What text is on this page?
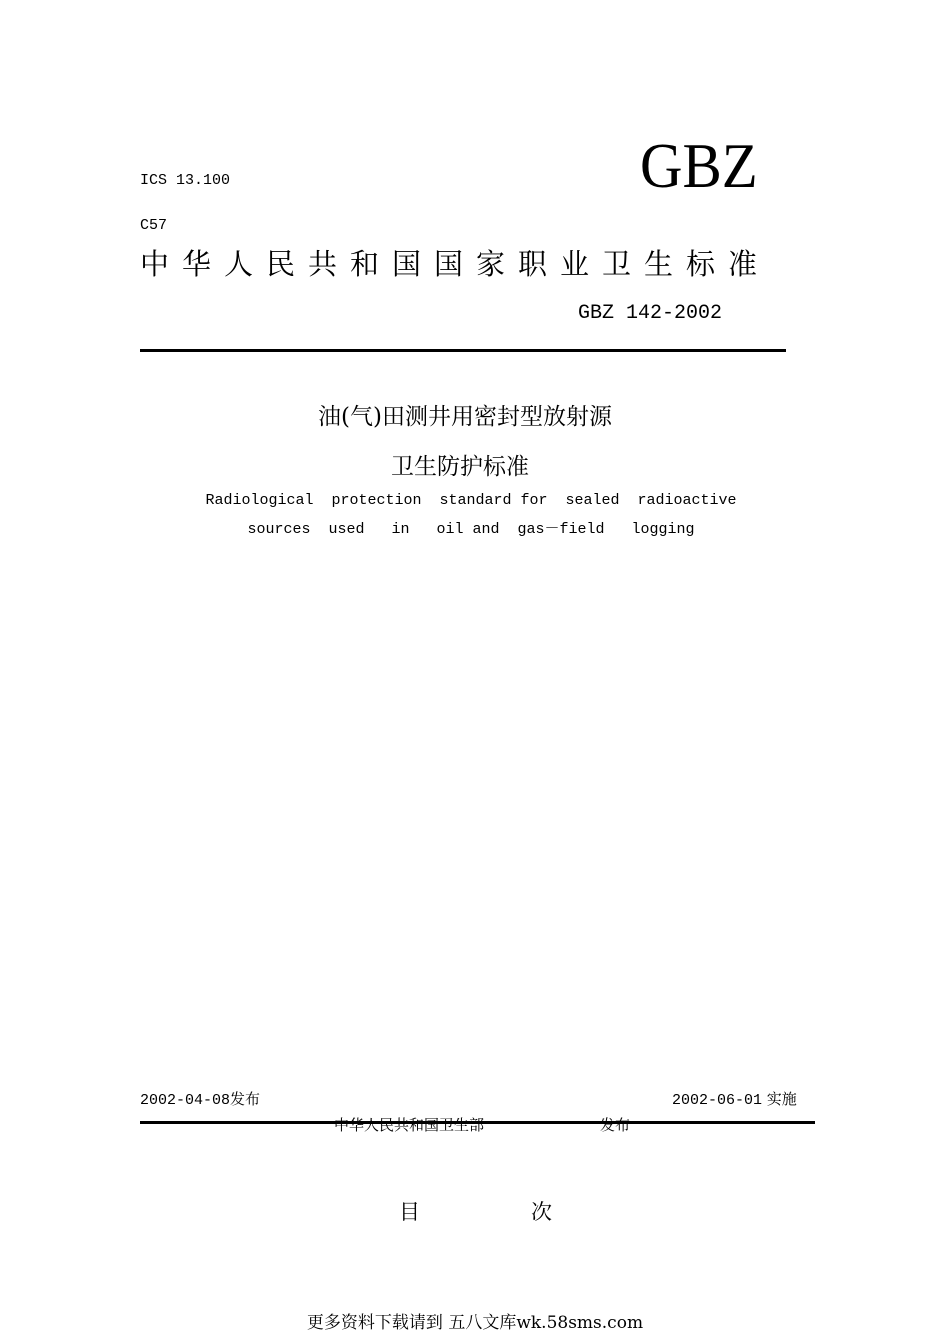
ICS 13.100	GBZ
C57
中华人民共和国国家职业卫生标准
GBZ 142-2002
油(气)田测井用密封型放射源
卫生防护标准
Radiological  protection  standard for  sealed  radioactive
sources  used   in   oil and  gas－field   logging
2002-04-08发布	2002-06-01 实施
中华人民共和国卫生部	发布
目	次
更多资料下载请到 五八文库wk.58sms.com
